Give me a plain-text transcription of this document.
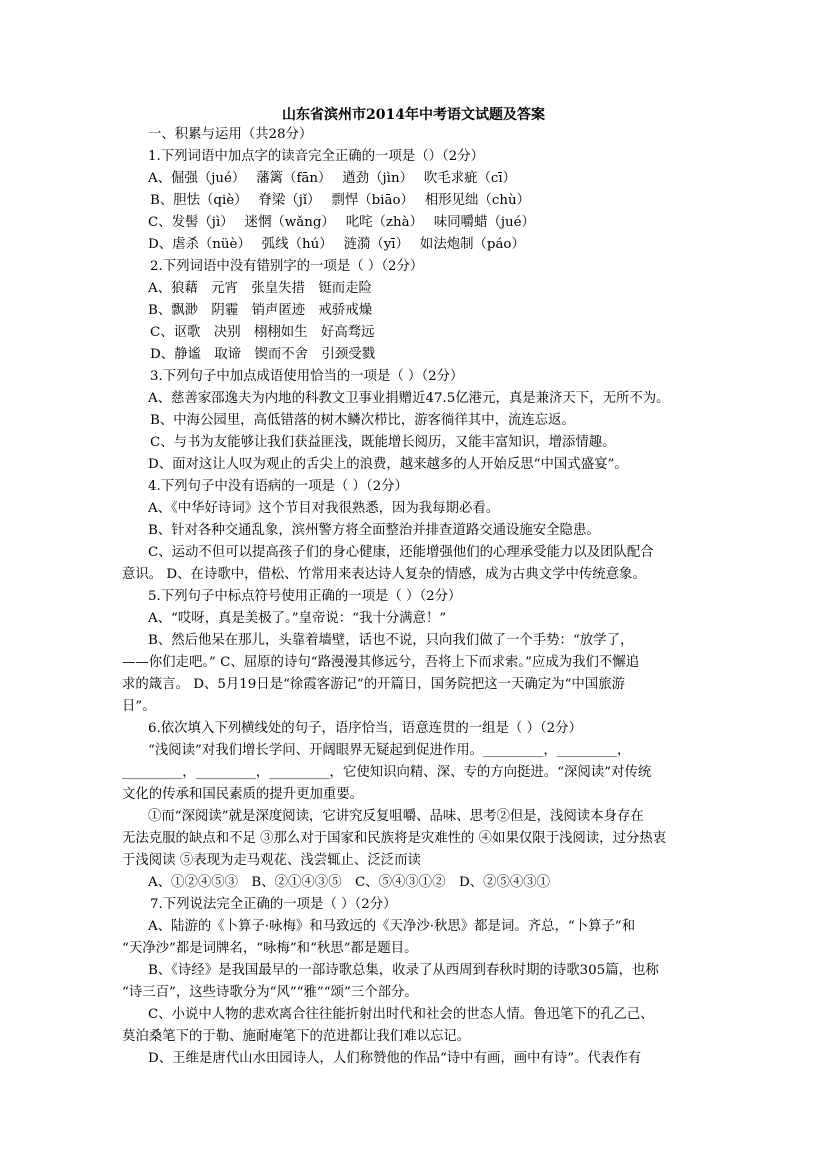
山东省滨州市2014年中考语文试题及答案
一、积累与运用（共28分）
1.下列词语中加点字的读音完全正确的一项是（）（2分）
A、倔强（jué）　 藩篱（fān）　 遒劲（jìn）　 吹毛求疵（cī）
B、胆怯（qiè）　 脊梁（jǐ）　 剽悍（biāo）　 相形见绌（chù）
C、发髻（jì）　 迷惘（wǎng）　 叱咤（zhà）　 味同嚼蜡（jué）
D、虐杀（nüè）　 弧线（hú）　 涟漪（yī）　 如法炮制（páo）
2.下列词语中没有错别字的一项是（ ）（2分）
A、狼藉　元宵　张皇失措　铤而走险
B、飘渺　阴霾　销声匿迹　戒骄戒燥
C、讴歌　决别　栩栩如生　好高骛远
D、静谧　取谛　锲而不舍　引颈受戮
3.下列句子中加点成语使用恰当的一项是（ ）（2分）
A、慈善家邵逸夫为内地的科教文卫事业捐赠近47.5亿港元，真是兼济天下，无所不为。
B、中海公园里，高低错落的树木鳞次栉比，游客徜徉其中，流连忘返。
C、与书为友能够让我们获益匪浅，既能增长阅历，又能丰富知识，增添情趣。
D、面对这让人叹为观止的舌尖上的浪费，越来越多的人开始反思“中国式盛宴”。
4.下列句子中没有语病的一项是（ ）（2分）
A、《中华好诗词》这个节目对我很熟悉，因为我每期必看。
B、针对各种交通乱象，滨州警方将全面整治并排查道路交通设施安全隐患。
C、运动不但可以提高孩子们的身心健康，还能增强他们的心理承受能力以及团队配合
意识。 D、在诗歌中，借松、竹常用来表达诗人复杂的情感，成为古典文学中传统意象。
5.下列句子中标点符号使用正确的一项是（ ）（2分）
A、“哎呀，真是美极了。”皇帝说：“我十分满意！”
B、然后他呆在那儿，头靠着墙壁，话也不说，只向我们做了一个手势：“放学了，
——你们走吧。” C、屈原的诗句“路漫漫其修远兮，吾将上下而求索。”应成为我们不懈追
求的箴言。 D、5月19日是“徐霞客游记”的开篇日，国务院把这一天确定为“中国旅游
日”。
6.依次填入下列横线处的句子，语序恰当，语意连贯的一组是（ ）（2分）
“浅阅读”对我们增长学问、开阔眼界无疑起到促进作用。_________，_________，
_________，_________，_________，它使知识向精、深、专的方向挺进。“深阅读”对传统
文化的传承和国民素质的提升更加重要。
①而“深阅读”就是深度阅读，它讲究反复咀嚼、品味、思考②但是，浅阅读本身存在
无法克服的缺点和不足 ③那么对于国家和民族将是灾难性的 ④如果仅限于浅阅读，过分热衷
于浅阅读 ⑤表现为走马观花、浅尝辄止、泛泛而读
A、①②④⑤③　B、②①④③⑤　C、⑤④③①②　D、②⑤④③①
7.下列说法完全正确的一项是（ ）（2分）
A、陆游的《卜算子·咏梅》和马致远的《天净沙·秋思》都是词。齐总，“卜算子”和
“天净沙”都是词牌名，“咏梅”和“秋思”都是题目。
B、《诗经》是我国最早的一部诗歌总集，收录了从西周到春秋时期的诗歌305篇，也称
“诗三百”，这些诗歌分为“风”“雅”“颂”三个部分。
C、小说中人物的悲欢离合往往能折射出时代和社会的世态人情。鲁迅笔下的孔乙己、
莫泊桑笔下的于勒、施耐庵笔下的范进都让我们难以忘记。
D、王维是唐代山水田园诗人，人们称赞他的作品“诗中有画，画中有诗”。代表作有
